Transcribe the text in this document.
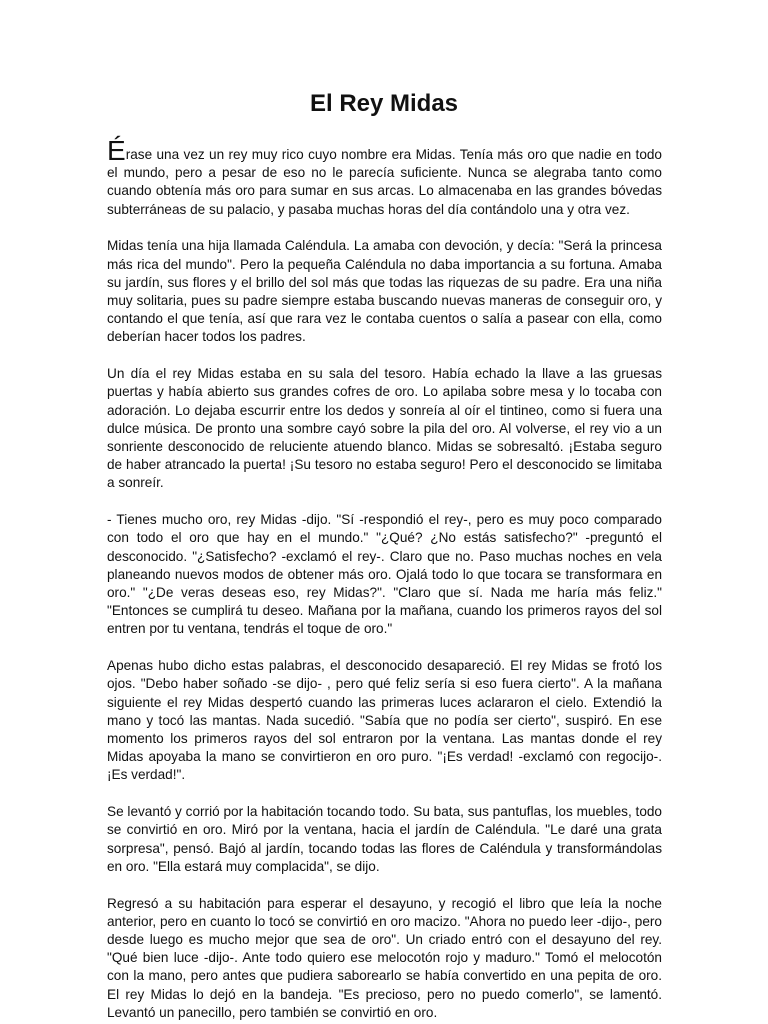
El Rey Midas

Érase una vez un rey muy rico cuyo nombre era Midas. Tenía más oro que nadie en todo el mundo, pero a pesar de eso no le parecía suficiente. Nunca se alegraba tanto como cuando obtenía más oro para sumar en sus arcas. Lo almacenaba en las grandes bóvedas subterráneas de su palacio, y pasaba muchas horas del día contándolo una y otra vez.

Midas tenía una hija llamada Caléndula. La amaba con devoción, y decía: "Será la princesa más rica del mundo". Pero la pequeña Caléndula no daba importancia a su fortuna. Amaba su jardín, sus flores y el brillo del sol más que todas las riquezas de su padre. Era una niña muy solitaria, pues su padre siempre estaba buscando nuevas maneras de conseguir oro, y contando el que tenía, así que rara vez le contaba cuentos o salía a pasear con ella, como deberían hacer todos los padres.

Un día el rey Midas estaba en su sala del tesoro. Había echado la llave a las gruesas puertas y había abierto sus grandes cofres de oro. Lo apilaba sobre mesa y lo tocaba con adoración. Lo dejaba escurrir entre los dedos y sonreía al oír el tintineo, como si fuera una dulce música. De pronto una sombre cayó sobre la pila del oro. Al volverse, el rey vio a un sonriente desconocido de reluciente atuendo blanco. Midas se sobresaltó. ¡Estaba seguro de haber atrancado la puerta! ¡Su tesoro no estaba seguro! Pero el desconocido se limitaba a sonreír.

- Tienes mucho oro, rey Midas -dijo. "Sí -respondió el rey-, pero es muy poco comparado con todo el oro que hay en el mundo." "¿Qué? ¿No estás satisfecho?" -preguntó el desconocido. "¿Satisfecho? -exclamó el rey-. Claro que no. Paso muchas noches en vela planeando nuevos modos de obtener más oro. Ojalá todo lo que tocara se transformara en oro." "¿De veras deseas eso, rey Midas?". "Claro que sí. Nada me haría más feliz." "Entonces se cumplirá tu deseo. Mañana por la mañana, cuando los primeros rayos del sol entren por tu ventana, tendrás el toque de oro."

Apenas hubo dicho estas palabras, el desconocido desapareció. El rey Midas se frotó los ojos. "Debo haber soñado -se dijo- , pero qué feliz sería si eso fuera cierto". A la mañana siguiente el rey Midas despertó cuando las primeras luces aclararon el cielo. Extendió la mano y tocó las mantas. Nada sucedió. "Sabía que no podía ser cierto", suspiró. En ese momento los primeros rayos del sol entraron por la ventana. Las mantas donde el rey Midas apoyaba la mano se convirtieron en oro puro. "¡Es verdad! -exclamó con regocijo-. ¡Es verdad!".

Se levantó y corrió por la habitación tocando todo. Su bata, sus pantuflas, los muebles, todo se convirtió en oro. Miró por la ventana, hacia el jardín de Caléndula. "Le daré una grata sorpresa", pensó. Bajó al jardín, tocando todas las flores de Caléndula y transformándolas en oro. "Ella estará muy complacida", se dijo.

Regresó a su habitación para esperar el desayuno, y recogió el libro que leía la noche anterior, pero en cuanto lo tocó se convirtió en oro macizo. "Ahora no puedo leer -dijo-, pero desde luego es mucho mejor que sea de oro". Un criado entró con el desayuno del rey. "Qué bien luce -dijo-. Ante todo quiero ese melocotón rojo y maduro." Tomó el melocotón con la mano, pero antes que pudiera saborearlo se había convertido en una pepita de oro. El rey Midas lo dejó en la bandeja. "Es precioso, pero no puedo comerlo", se lamentó. Levantó un panecillo, pero también se convirtió en oro.
